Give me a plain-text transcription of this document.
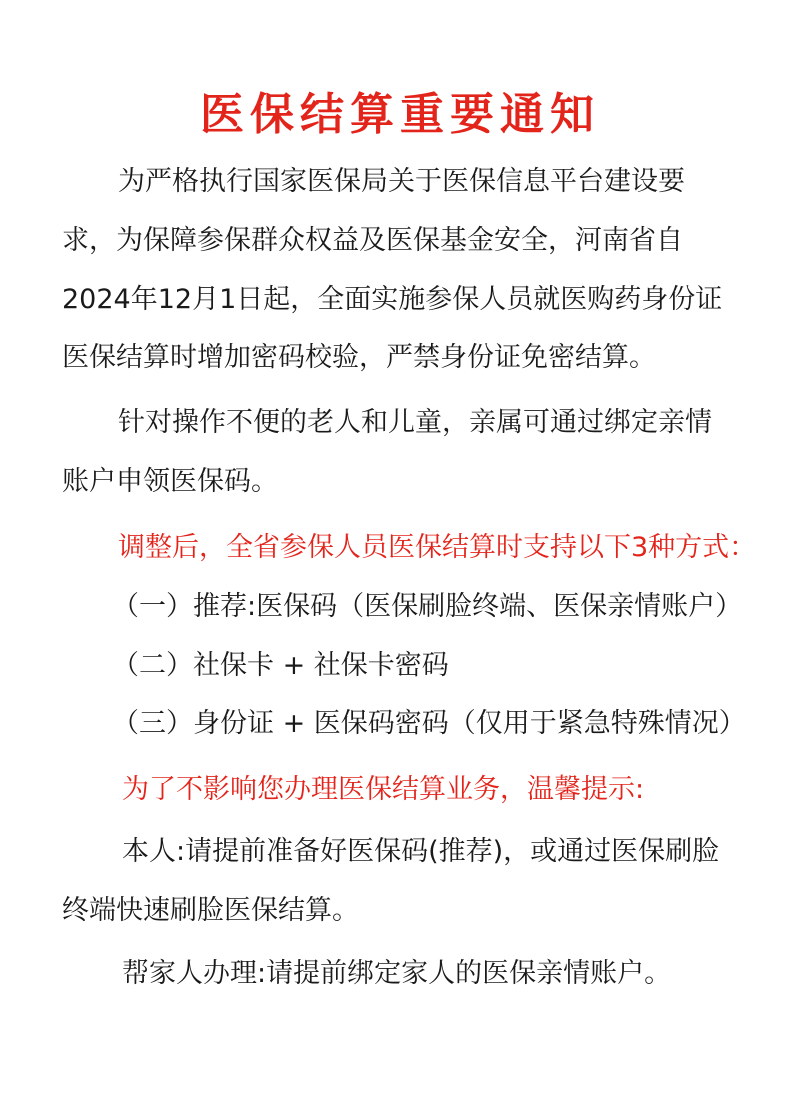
医保结算重要通知
为严格执行国家医保局关于医保信息平台建设要
求，为保障参保群众权益及医保基金安全，河南省自
2024年12月1日起，全面实施参保人员就医购药身份证
医保结算时增加密码校验，严禁身份证免密结算。
针对操作不便的老人和儿童，亲属可通过绑定亲情
账户申领医保码。
调整后，全省参保人员医保结算时支持以下3种方式：
（一）推荐:医保码（医保刷脸终端、医保亲情账户）
（二）社保卡 + 社保卡密码
（三）身份证 + 医保码密码（仅用于紧急特殊情况）
为了不影响您办理医保结算业务，温馨提示:
本人:请提前准备好医保码(推荐)，或通过医保刷脸
终端快速刷脸医保结算。
帮家人办理:请提前绑定家人的医保亲情账户。
